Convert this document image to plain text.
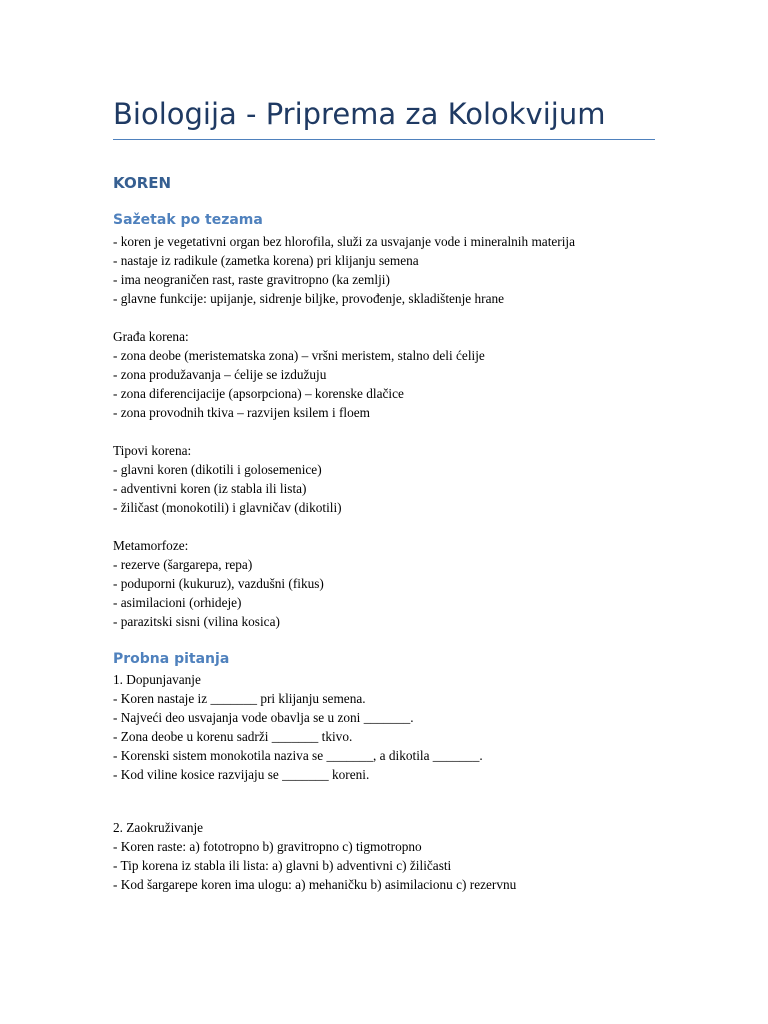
Biologija - Priprema za Kolokvijum
KOREN
Sažetak po tezama
- koren je vegetativni organ bez hlorofila, služi za usvajanje vode i mineralnih materija
- nastaje iz radikule (zametka korena) pri klijanju semena
- ima neograničen rast, raste gravitropno (ka zemlji)
- glavne funkcije: upijanje, sidrenje biljke, provođenje, skladištenje hrane
Građa korena:
- zona deobe (meristematska zona) – vršni meristem, stalno deli ćelije
- zona produžavanja – ćelije se izdužuju
- zona diferencijacije (apsorpciona) – korenske dlačice
- zona provodnih tkiva – razvijen ksilem i floem
Tipovi korena:
- glavni koren (dikotili i golosemenice)
- adventivni koren (iz stabla ili lista)
- žiličast (monokotili) i glavničav (dikotili)
Metamorfoze:
- rezerve (šargarepa, repa)
- poduporni (kukuruz), vazdušni (fikus)
- asimilacioni (orhideje)
- parazitski sisni (vilina kosica)
Probna pitanja
1. Dopunjavanje
- Koren nastaje iz _______ pri klijanju semena.
- Najveći deo usvajanja vode obavlja se u zoni _______.
- Zona deobe u korenu sadrži _______ tkivo.
- Korenski sistem monokotila naziva se _______, a dikotila _______.
- Kod viline kosice razvijaju se _______ koreni.
2. Zaokruživanje
- Koren raste: a) fototropno b) gravitropno c) tigmotropno
- Tip korena iz stabla ili lista: a) glavni b) adventivni c) žiličasti
- Kod šargarepe koren ima ulogu: a) mehaničku b) asimilacionu c) rezervnu
